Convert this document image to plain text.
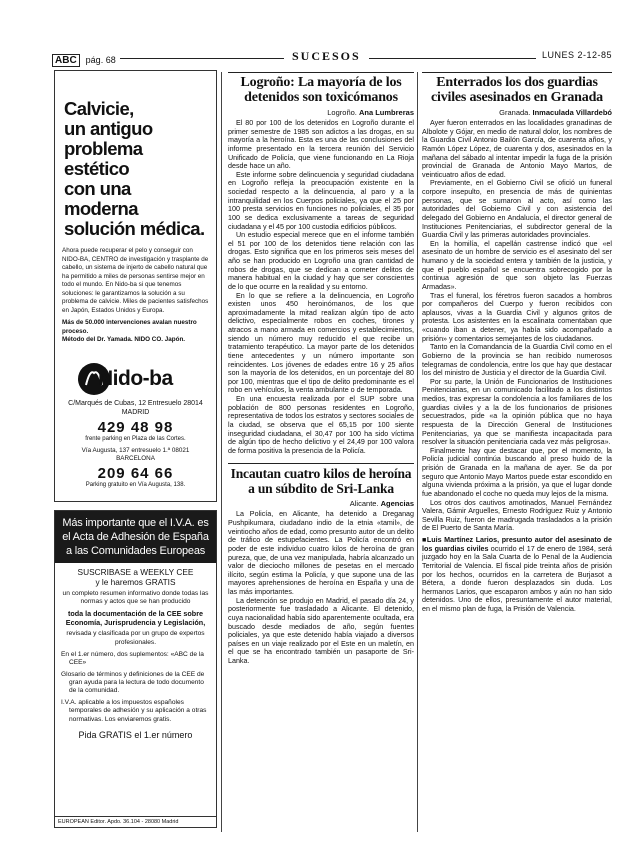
ABC pág. 68	SUCESOS	LUNES 2-12-85
Calvicie,
un antiguo
problema estético
con una moderna
solución médica.
Ahora puede recuperar el pelo y conseguir con NIDO-BA, CENTRO de investigación y trasplante de cabello, un sistema de injerto de cabello natural que ha permitido a miles de personas sentirse mejor en todo el mundo. En Nido-ba si que tenemos soluciones: le garantizamos la solución a su problema de calvicie. Miles de pacientes satisfechos en Japón, Estados Unidos y Europa.
Más de 50.000 intervenciones avalan nuestro proceso.
Método del Dr. Yamada. NIDO CO. Japón.
Nido-ba
C/Marqués de Cubas, 12 Entresuelo 28014 MADRID
429 48 98
frente parking en Plaza de las Cortes.
Vía Augusta, 137 entresuelo 1.ª 08021 BARCELONA
209 64 66
Parking gratuito en Vía Augusta, 138.
Más importante que el I.V.A. es el Acta de Adhesión de España a las Comunidades Europeas
SUSCRIBASE a WEEKLY CEE
y le haremos GRATIS
un completo resumen informativo donde todas las normas y actos que se han producido
toda la documentación de la CEE sobre Economía, Jurisprudencia y Legislación,
revisada y clasificada por un grupo de expertos profesionales.

En el 1.er número, dos suplementos: «ABC de la CEE»

Glosario de términos y definiciones de la CEE de gran ayuda para la lectura de todo documento de la comunidad.

I.V.A. aplicable a los impuestos españoles temporales de adhesión y su aplicación a otras normativas. Los enviaremos gratis.

Pida GRATIS el 1.er número
EUROPEAN Editor. Apdo. 36.104 - 28080 Madrid
Logroño: La mayoría de los detenidos son toxicómanos
Logroño. Ana Lumbreras

El 80 por 100 de los detenidos en Logroño durante el primer semestre de 1985 son adictos a las drogas, en su mayoría a la heroína. Esta es una de las conclusiones del informe presentado en la tercera reunión del Servicio Unificado de Policía, que viene funcionando en La Rioja desde hace un año.

Este informe sobre delincuencia y seguridad ciudadana en Logroño refleja la preocupación existente en la sociedad respecto a la delincuencia, al paro y a la intranquilidad en los Cuerpos policiales, ya que el 25 por 100 presta servicios en funciones no policiales, el 35 por 100 se dedica exclusivamente a tareas de seguridad ciudadana y el 45 por 100 custodia edificios públicos.

Un estudio especial merece que en el informe también el 51 por 100 de los detenidos tiene relación con las drogas. Esto significa que en los primeros seis meses del año se han producido en Logroño una gran cantidad de robos de drogas, que se dedican a cometer delitos de manera habitual en la ciudad y hay que ser conscientes de lo que ocurre en la realidad y su entorno.

En lo que se refiere a la delincuencia, en Logroño existen unos 450 heroinómanos, de los que aproximadamente la mitad realizan algún tipo de acto delictivo, especialmente robos en coches, tirones y atracos a mano armada en comercios y establecimientos, siendo un número muy reducido el que recibe un tratamiento terapéutico. La mayor parte de los detenidos tiene antecedentes y un número importante son reincidentes. Los jóvenes de edades entre 16 y 25 años son la mayoría de los detenidos, en un porcentaje del 80 por 100, mientras que el tipo de delito predominante es el robo en vehículos, la venta ambulante o de temporada.

En una encuesta realizada por el SUP sobre una población de 800 personas residentes en Logroño, representativa de todos los estratos y sectores sociales de la ciudad, se observa que el 65,15 por 100 siente inseguridad ciudadana, el 30,47 por 100 ha sido víctima de algún tipo de hecho delictivo y el 24,49 por 100 valora de forma positiva la presencia de la Policía.

Incautan cuatro kilos de heroína a un súbdito de Sri-Lanka
Alicante. Agencias

La Policía, en Alicante, ha detenido a Dreganag Pushpikumara, ciudadano indio de la etnia «tamil», de veintiocho años de edad, como presunto autor de un delito de tráfico de estupefacientes. La Policía encontró en poder de este individuo cuatro kilos de heroína de gran pureza, que, de una vez manipulada, habría alcanzado un valor de dieciocho millones de pesetas en el mercado ilícito, según estima la Policía, y que supone una de las mayores aprehensiones de heroína en España y una de las más importantes.

La detención se produjo en Madrid, el pasado día 24, y posteriormente fue trasladado a Alicante. El detenido, cuya nacionalidad había sido aparentemente ocultada, era buscado desde mediados de año, según fuentes policiales, ya que este detenido había viajado a diversos países en un viaje realizado por el Este en un maletín, en el que se ha encontrado también un pasaporte de Sri-Lanka.

Enterrados los dos guardias civiles asesinados en Granada
Granada. Inmaculada Villardebó

Ayer fueron enterrados en las localidades granadinas de Albolote y Gójar, en medio de natural dolor, los nombres de la Guardia Civil Antonio Bailón García, de cuarenta años, y Ramón López López, de cuarenta y dos, asesinados en la mañana del sábado al intentar impedir la fuga de la prisión provincial de Granada de Antonio Mayo Martos, de veinticuatro años de edad.

Previamente, en el Gobierno Civil se ofició un funeral corpore insepulto, en presencia de más de quinientas personas, que se sumaron al acto, así como las autoridades del Gobierno Civil y con asistencia del delegado del Gobierno en Andalucía, el director general de Instituciones Penitenciarias, el subdirector general de la Guardia Civil y las primeras autoridades provinciales.

En la homilía, el capellán castrense indicó que «el asesinato de un hombre de servicio es el asesinato del ser humano y de la sociedad entera y también de la justicia, y que el pueblo español se encuentra sobrecogido por la continua agresión de que son objeto las Fuerzas Armadas».

Tras el funeral, los féretros fueron sacados a hombros por compañeros del Cuerpo y fueron recibidos con aplausos, vivas a la Guardia Civil y algunos gritos de protesta. Los asistentes en la escalinata comentaban que «cuando iban a detener, ya había sido acompañado a prisión» y comentarios semejantes de los ciudadanos.

Tanto en la Comandancia de la Guardia Civil como en el Gobierno de la provincia se han recibido numerosos telegramas de condolencia, entre los que hay que destacar los del ministro de Justicia y el director de la Guardia Civil.

Por su parte, la Unión de Funcionarios de Instituciones Penitenciarias, en un comunicado facilitado a los distintos medios, tras expresar la condolencia a los familiares de los guardias civiles y a la de los funcionarios de prisiones secuestrados, pide «a la opinión pública que no haya respuesta de la Dirección General de Instituciones Penitenciarias, ya que se manifiesta incapacitada para resolver la situación penitenciaria cada vez más peligrosa».

Finalmente hay que destacar que, por el momento, la Policía judicial continúa buscando al preso huido de la prisión de Granada en la mañana de ayer. Se da por seguro que Antonio Mayo Martos puede estar escondido en alguna vivienda próxima a la prisión, ya que el lugar donde fue abandonado el coche no queda muy lejos de la misma.

Los otros dos cautivos amotinados, Manuel Fernández Valera, Gámir Arguelles, Ernesto Rodríguez Ruiz y Antonio Sevilla Ruiz, fueron de madrugada trasladados a la prisión de El Puerto de Santa María.

■ Luis Martínez Larios, presunto autor del asesinato de los guardias civiles ocurrido el 17 de enero de 1984, será juzgado hoy en la Sala Cuarta de lo Penal de la Audiencia Territorial de Valencia. El fiscal pide treinta años de prisión por los hechos, ocurridos en la carretera de Burjasot a Bétera, a donde fueron desplazados sin duda. Los hermanos Larios, que escaparon ambos y aún no han sido detenidos. Uno de ellos, presuntamente el autor material, en el mismo plan de fuga, la Prisión de Valencia.
